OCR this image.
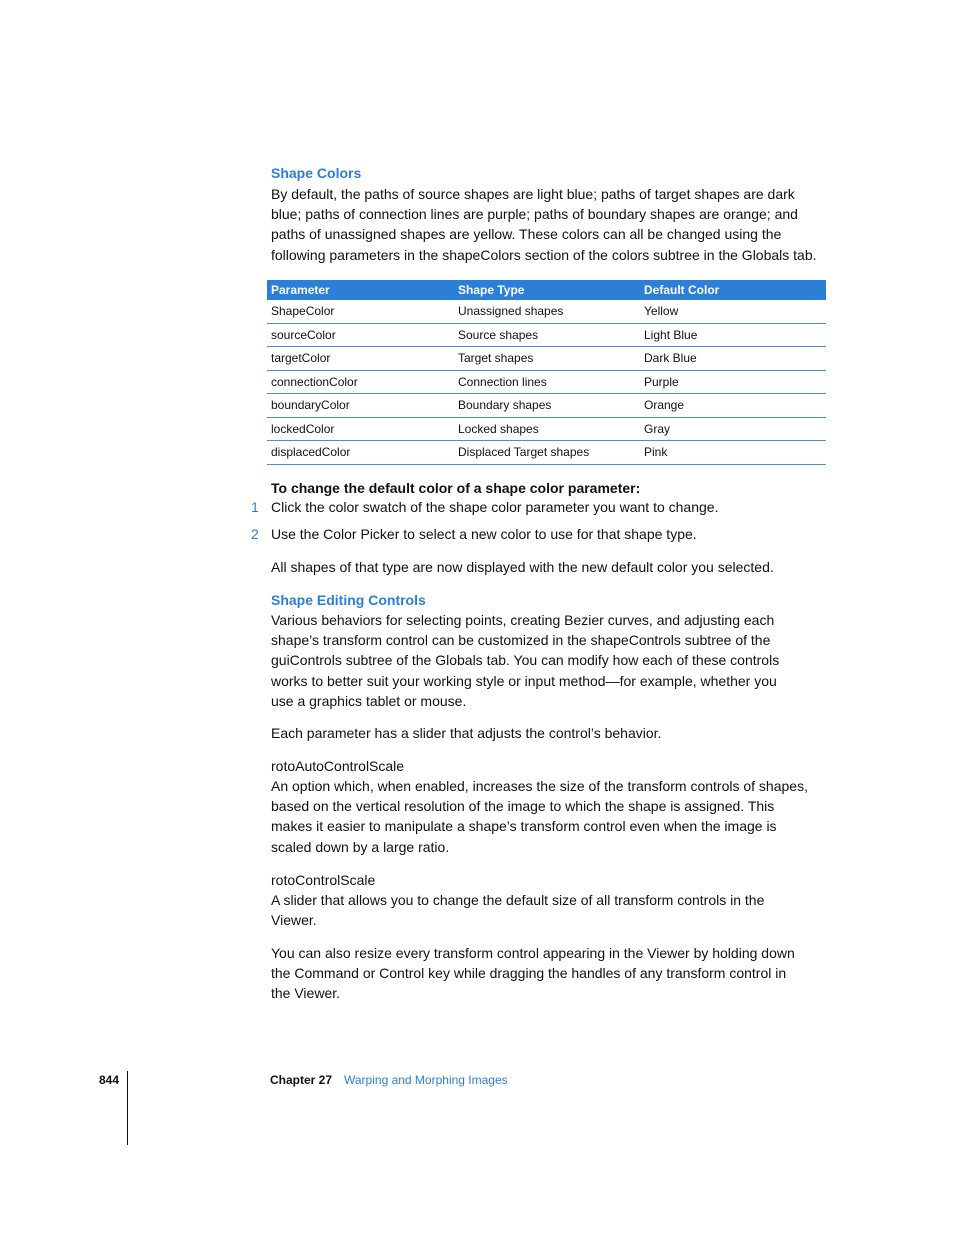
Shape Colors
By default, the paths of source shapes are light blue; paths of target shapes are dark
blue; paths of connection lines are purple; paths of boundary shapes are orange; and
paths of unassigned shapes are yellow. These colors can all be changed using the
following parameters in the shapeColors section of the colors subtree in the Globals tab.
Parameter	Shape Type	Default Color
ShapeColor	Unassigned shapes	Yellow
sourceColor	Source shapes	Light Blue
targetColor	Target shapes	Dark Blue
connectionColor	Connection lines	Purple
boundaryColor	Boundary shapes	Orange
lockedColor	Locked shapes	Gray
displacedColor	Displaced Target shapes	Pink
To change the default color of a shape color parameter:
1 Click the color swatch of the shape color parameter you want to change.
2 Use the Color Picker to select a new color to use for that shape type.
All shapes of that type are now displayed with the new default color you selected.
Shape Editing Controls
Various behaviors for selecting points, creating Bezier curves, and adjusting each
shape’s transform control can be customized in the shapeControls subtree of the
guiControls subtree of the Globals tab. You can modify how each of these controls
works to better suit your working style or input method—for example, whether you
use a graphics tablet or mouse.
Each parameter has a slider that adjusts the control’s behavior.
rotoAutoControlScale
An option which, when enabled, increases the size of the transform controls of shapes,
based on the vertical resolution of the image to which the shape is assigned. This
makes it easier to manipulate a shape’s transform control even when the image is
scaled down by a large ratio.
rotoControlScale
A slider that allows you to change the default size of all transform controls in the
Viewer.
You can also resize every transform control appearing in the Viewer by holding down
the Command or Control key while dragging the handles of any transform control in
the Viewer.
844	Chapter 27 Warping and Morphing Images
